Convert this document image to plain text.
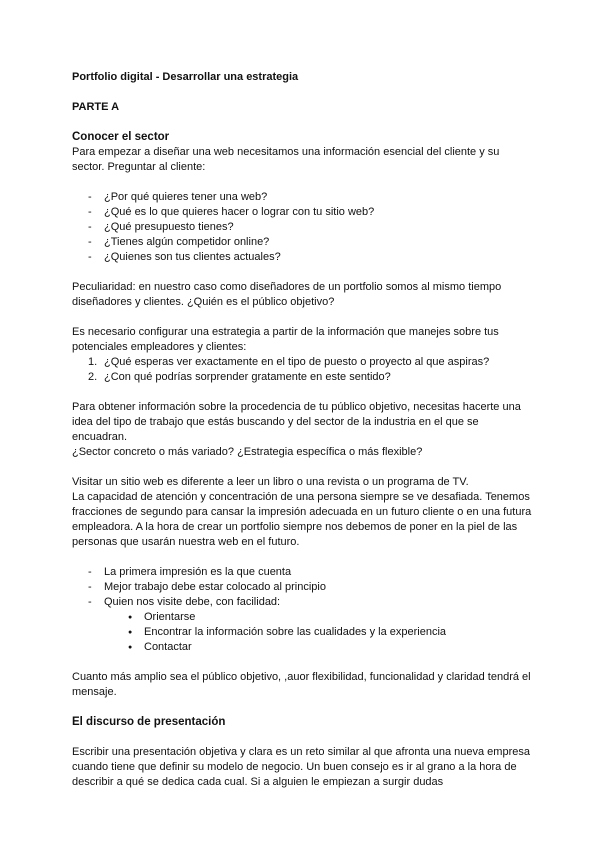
Portfolio digital - Desarrollar una estrategia

PARTE A

Conocer el sector

Para empezar a diseñar una web necesitamos una información esencial del cliente y su sector. Preguntar al cliente:

- ¿Por qué quieres tener una web?
- ¿Qué es lo que quieres hacer o lograr con tu sitio web?
- ¿Qué presupuesto tienes?
- ¿Tienes algún competidor online?
- ¿Quienes son tus clientes actuales?

Peculiaridad: en nuestro caso como diseñadores de un portfolio somos al mismo tiempo diseñadores y clientes. ¿Quién es el público objetivo?

Es necesario configurar una estrategia a partir de la información que manejes sobre tus potenciales empleadores y clientes:

1. ¿Qué esperas ver exactamente en el tipo de puesto o proyecto al que aspiras?
2. ¿Con qué podrías sorprender gratamente en este sentido?

Para obtener información sobre la procedencia de tu público objetivo, necesitas hacerte una idea del tipo de trabajo que estás buscando y del sector de la industria en el que se encuadran.

¿Sector concreto o más variado? ¿Estrategia específica o más flexible?

Visitar un sitio web es diferente a leer un libro o una revista o un programa de TV.

La capacidad de atención y concentración de una persona siempre se ve desafiada. Tenemos fracciones de segundo para cansar la impresión adecuada en un futuro cliente o en una futura empleadora. A la hora de crear un portfolio siempre nos debemos de poner en la piel de las personas que usarán nuestra web en el futuro.

- La primera impresión es la que cuenta
- Mejor trabajo debe estar colocado al principio
- Quien nos visite debe, con facilidad:
● Orientarse
● Encontrar la información sobre las cualidades y la experiencia
● Contactar

Cuanto más amplio sea el público objetivo, ,auor flexibilidad, funcionalidad y claridad tendrá el mensaje.

El discurso de presentación

Escribir una presentación objetiva y clara es un reto similar al que afronta una nueva empresa cuando tiene que definir su modelo de negocio. Un buen consejo es ir al grano a la hora de describir a qué se dedica cada cual. Si a alguien le empiezan a surgir dudas
